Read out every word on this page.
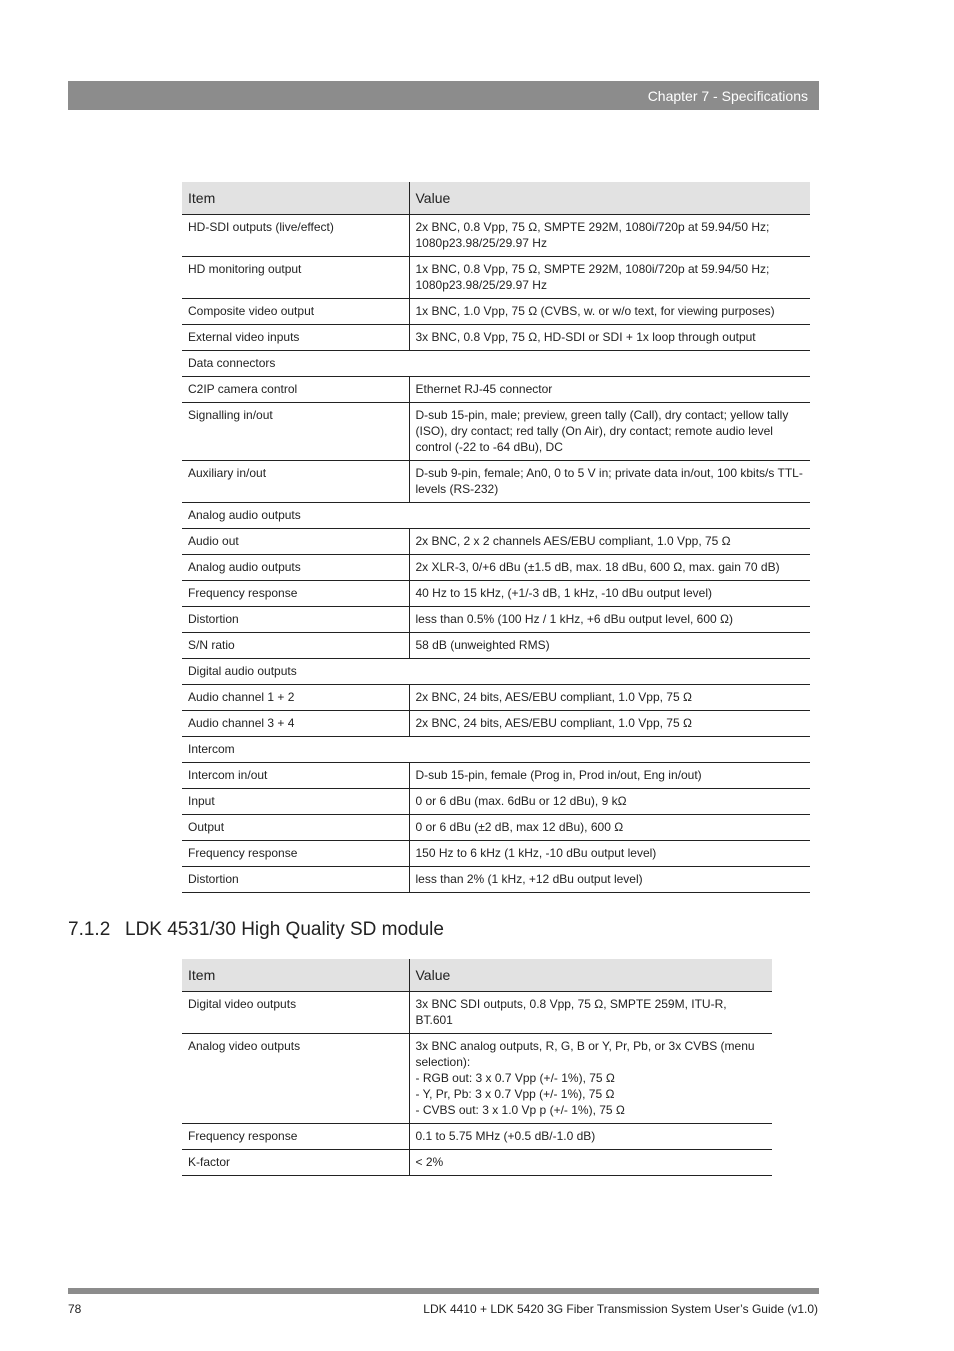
Chapter 7 - Specifications
Item	Value
HD-SDI outputs (live/effect)	2x BNC, 0.8 Vpp, 75 Ω, SMPTE 292M, 1080i/720p at 59.94/50 Hz; 1080p23.98/25/29.97 Hz
HD monitoring output	1x BNC, 0.8 Vpp, 75 Ω, SMPTE 292M, 1080i/720p at 59.94/50 Hz; 1080p23.98/25/29.97 Hz
Composite video output	1x BNC, 1.0 Vpp, 75 Ω (CVBS, w. or w/o text, for viewing purposes)
External video inputs	3x BNC, 0.8 Vpp, 75 Ω, HD-SDI or SDI + 1x loop through output
Data connectors	
C2IP camera control	Ethernet RJ-45 connector
Signalling in/out	D-sub 15-pin, male; preview, green tally (Call), dry contact; yellow tally (ISO), dry contact; red tally (On Air), dry contact; remote audio level control (-22 to -64 dBu), DC
Auxiliary in/out	D-sub 9-pin, female; An0, 0 to 5 V in; private data in/out, 100 kbits/s TTL-levels (RS-232)
Analog audio outputs	
Audio out	2x BNC, 2 x 2 channels AES/EBU compliant, 1.0 Vpp, 75 Ω
Analog audio outputs	2x XLR-3, 0/+6 dBu (±1.5 dB, max. 18 dBu, 600 Ω, max. gain 70 dB)
Frequency response	40 Hz to 15 kHz, (+1/-3 dB, 1 kHz, -10 dBu output level)
Distortion	less than 0.5% (100 Hz / 1 kHz, +6 dBu output level, 600 Ω)
S/N ratio	58 dB (unweighted RMS)
Digital audio outputs	
Audio channel 1 + 2	2x BNC, 24 bits, AES/EBU compliant, 1.0 Vpp, 75 Ω
Audio channel 3 + 4	2x BNC, 24 bits, AES/EBU compliant, 1.0 Vpp, 75 Ω
Intercom	
Intercom in/out	D-sub 15-pin, female (Prog in, Prod in/out, Eng in/out)
Input	0 or 6 dBu (max. 6dBu or 12 dBu), 9 kΩ
Output	0 or 6 dBu (±2 dB, max 12 dBu), 600 Ω
Frequency response	150 Hz to 6 kHz (1 kHz, -10 dBu output level)
Distortion	less than 2% (1 kHz, +12 dBu output level)
7.1.2 LDK 4531/30 High Quality SD module
Item	Value
Digital video outputs	3x BNC SDI outputs, 0.8 Vpp, 75 Ω, SMPTE 259M, ITU-R, BT.601
Analog video outputs	3x BNC analog outputs, R, G, B or Y, Pr, Pb, or 3x CVBS (menu selection):
- RGB out: 3 x 0.7 Vpp (+/- 1%), 75 Ω
- Y, Pr, Pb: 3 x 0.7 Vpp (+/- 1%), 75 Ω
- CVBS out: 3 x 1.0 Vp p (+/- 1%), 75 Ω

Frequency response	0.1 to 5.75 MHz (+0.5 dB/-1.0 dB)
K-factor	< 2%
78	LDK 4410 + LDK 5420 3G Fiber Transmission System User’s Guide (v1.0)
